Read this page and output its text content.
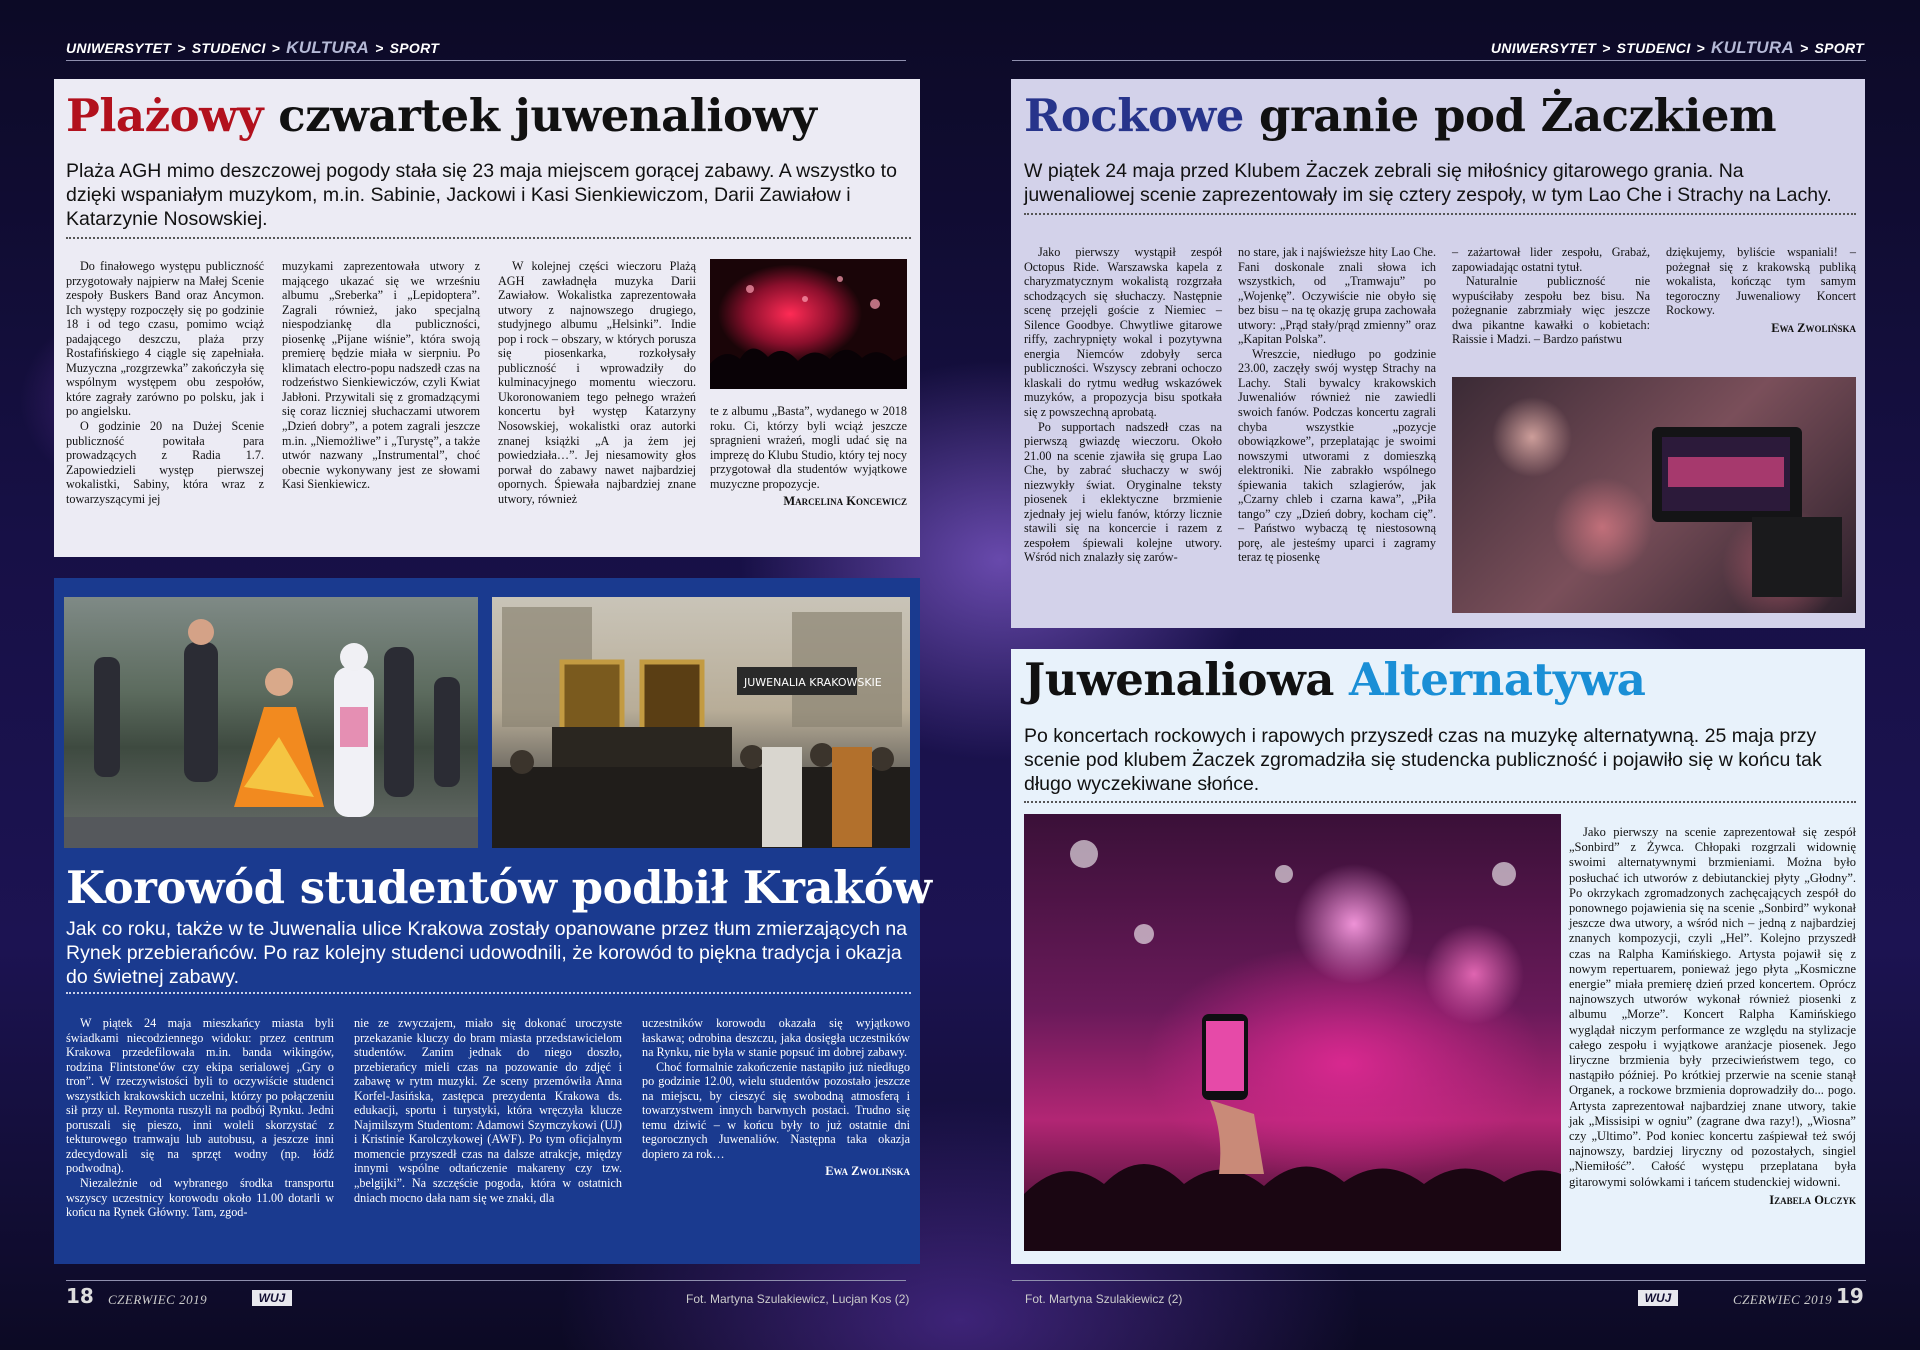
UNIWERSYTET > STUDENCI > KULTURA > SPORT	UNIWERSYTET > STUDENCI > KULTURA > SPORT
Plażowy czwartek juwenaliowy
Plaża AGH mimo deszczowej pogody stała się 23 maja miejscem gorącej zabawy. A wszystko to dzięki wspaniałym muzykom, m.in. Sabinie, Jackowi i Kasi Sienkiewiczom, Darii Zawiałow i Katarzynie Nosowskiej.

Do finałowego występu publiczność przygotowały najpierw na Małej Scenie zespoły Buskers Band oraz Ancymon. Ich występy rozpoczęły się po godzinie 18 i od tego czasu, pomimo wciąż padającego deszczu, plaża przy Rostafińskiego 4 ciągle się zapełniała. Muzyczna „rozgrzewka” zakończyła się wspólnym występem obu zespołów, które zagrały zarówno po polsku, jak i po angielsku.

O godzinie 20 na Dużej Scenie publiczność powitała para prowadzących z Radia 1.7. Zapowiedzieli występ pierwszej wokalistki, Sabiny, która wraz z towarzyszącymi jej

muzykami zaprezentowała utwory z mającego ukazać się we wrześniu albumu „Sreberka” i „Lepidoptera”. Zagrali również, jako specjalną niespodziankę dla publiczności, piosenkę „Pijane wiśnie”, która swoją premierę będzie miała w sierpniu. Po klimatach electro-popu nadszedł czas na rodzeństwo Sienkiewiczów, czyli Kwiat Jabłoni. Przywitali się z gromadzącymi się coraz liczniej słuchaczami utworem „Dzień dobry”, a potem zagrali jeszcze m.in. „Niemożliwe” i „Turystę”, a także utwór nazwany „Instrumental”, choć obecnie wykonywany jest ze słowami Kasi Sienkiewicz.

W kolejnej części wieczoru Plażą AGH zawładnęła muzyka Darii Zawiałow. Wokalistka zaprezentowała utwory z najnowszego drugiego, studyjnego albumu „Helsinki”. Indie pop i rock – obszary, w których porusza się piosenkarka, rozkołysały publiczność i wprowadziły do kulminacyjnego momentu wieczoru. Ukoronowaniem tego pełnego wrażeń koncertu był występ Katarzyny Nosowskiej, wokalistki oraz autorki znanej książki „A ja żem jej powiedziała…”. Jej niesamowity głos porwał do zabawy nawet najbardziej opornych. Śpiewała najbardziej znane utwory, również

te z albumu „Basta”, wydanego w 2018 roku. Ci, którzy byli wciąż jeszcze spragnieni wrażeń, mogli udać się na imprezę do Klubu Studio, który tej nocy przygotował dla studentów wyjątkowe muzyczne propozycje.

Marcelina Koncewicz
JUWENALIA KRAKOWSKIE
Korowód studentów podbił Kraków
Jak co roku, także w te Juwenalia ulice Krakowa zostały opanowane przez tłum zmierzających na Rynek przebierańców. Po raz kolejny studenci udowodnili, że korowód to piękna tradycja i okazja do świetnej zabawy.

W piątek 24 maja mieszkańcy miasta byli świadkami niecodziennego widoku: przez centrum Krakowa przedefilowała m.in. banda wikingów, rodzina Flintstone'ów czy ekipa serialowej „Gry o tron”. W rzeczywistości byli to oczywiście studenci wszystkich krakowskich uczelni, którzy po połączeniu sił przy ul. Reymonta ruszyli na podbój Rynku. Jedni poruszali się pieszo, inni woleli skorzystać z tekturowego tramwaju lub autobusu, a jeszcze inni zdecydowali się na sprzęt wodny (np. łódź podwodną).

Niezależnie od wybranego środka transportu wszyscy uczestnicy korowodu około 11.00 dotarli w końcu na Rynek Główny. Tam, zgod-

nie ze zwyczajem, miało się dokonać uroczyste przekazanie kluczy do bram miasta przedstawicielom studentów. Zanim jednak do niego doszło, przebierańcy mieli czas na pozowanie do zdjęć i zabawę w rytm muzyki. Ze sceny przemówiła Anna Korfel-Jasińska, zastępca prezydenta Krakowa ds. edukacji, sportu i turystyki, która wręczyła klucze Najmilszym Studentom: Adamowi Szymczykowi (UJ) i Kristinie Karolczykowej (AWF). Po tym oficjalnym momencie przyszedł czas na dalsze atrakcje, między innymi wspólne odtańczenie makareny czy tzw. „belgijki”. Na szczęście pogoda, która w ostatnich dniach mocno dała nam się we znaki, dla

uczestników korowodu okazała się wyjątkowo łaskawa; odrobina deszczu, jaka dosięgła uczestników na Rynku, nie była w stanie popsuć im dobrej zabawy.

Choć formalnie zakończenie nastąpiło już niedługo po godzinie 12.00, wielu studentów pozostało jeszcze na miejscu, by cieszyć się swobodną atmosferą i towarzystwem innych barwnych postaci. Trudno się temu dziwić – w końcu były to już ostatnie dni tegorocznych Juwenaliów. Następna taka okazja dopiero za rok…

Ewa Zwolińska
Rockowe granie pod Żaczkiem
W piątek 24 maja przed Klubem Żaczek zebrali się miłośnicy gitarowego grania. Na juwenaliowej scenie zaprezentowały im się cztery zespoły, w tym Lao Che i Strachy na Lachy.

Jako pierwszy wystąpił zespół Octopus Ride. Warszawska kapela z charyzmatycznym wokalistą rozgrzała schodzących się słuchaczy. Następnie scenę przejęli goście z Niemiec – Silence Goodbye. Chwytliwe gitarowe riffy, zachrypnięty wokal i pozytywna energia Niemców zdobyły serca publiczności. Wszyscy zebrani ochoczo klaskali do rytmu według wskazówek muzyków, a propozycja bisu spotkała się z powszechną aprobatą.

Po supportach nadszedł czas na pierwszą gwiazdę wieczoru. Około 21.00 na scenie zjawiła się grupa Lao Che, by zabrać słuchaczy w swój niezwykły świat. Oryginalne teksty piosenek i eklektyczne brzmienie zjednały jej wielu fanów, którzy licznie stawili się na koncercie i razem z zespołem śpiewali kolejne utwory. Wśród nich znalazły się zarów-

no stare, jak i najświeższe hity Lao Che. Fani doskonale znali słowa ich wszystkich, od „Tramwaju” po „Wojenkę”. Oczywiście nie obyło się bez bisu – na tę okazję grupa zachowała utwory: „Prąd stały/prąd zmienny” oraz „Kapitan Polska”.

Wreszcie, niedługo po godzinie 23.00, zaczęły swój występ Strachy na Lachy. Stali bywalcy krakowskich Juwenaliów również nie zawiedli swoich fanów. Podczas koncertu zagrali chyba wszystkie „pozycje obowiązkowe”, przeplatając je swoimi nowszymi utworami z domieszką elektroniki. Nie zabrakło wspólnego śpiewania takich szlagierów, jak „Czarny chleb i czarna kawa”, „Piła tango” czy „Dzień dobry, kocham cię”. – Państwo wybaczą tę niestosowną porę, ale jesteśmy uparci i zagramy teraz tę piosenkę

– zażartował lider zespołu, Grabaż, zapowiadając ostatni tytuł.

Naturalnie publiczność nie wypuściłaby zespołu bez bisu. Na pożegnanie zabrzmiały więc jeszcze dwa pikantne kawałki o kobietach: Raissie i Madzi. – Bardzo państwu

dziękujemy, byliście wspaniali! – pożegnał się z krakowską publiką wokalista, kończąc tym samym tegoroczny Juwenaliowy Koncert Rockowy.

Ewa Zwolińska
Juwenaliowa Alternatywa
Po koncertach rockowych i rapowych przyszedł czas na muzykę alternatywną. 25 maja przy scenie pod klubem Żaczek zgromadziła się studencka publiczność i pojawiło się w końcu tak długo wyczekiwane słońce.

Jako pierwszy na scenie zaprezentował się zespół „Sonbird” z Żywca. Chłopaki rozgrzali widownię swoimi alternatywnymi brzmieniami. Można było posłuchać ich utworów z debiutanckiej płyty „Głodny”. Po okrzykach zgromadzonych zachęcających zespół do ponownego pojawienia się na scenie „Sonbird” wykonał jeszcze dwa utwory, a wśród nich – jedną z najbardziej znanych kompozycji, czyli „Hel”. Kolejno przyszedł czas na Ralpha Kamińskiego. Artysta pojawił się z nowym repertuarem, ponieważ jego płyta „Kosmiczne energie” miała premierę dzień przed koncertem. Oprócz najnowszych utworów wykonał również piosenki z albumu „Morze”. Koncert Ralpha Kamińskiego wyglądał niczym performance ze względu na stylizacje całego zespołu i wyjątkowe aranżacje piosenek. Jego liryczne brzmienia były przeciwieństwem tego, co nastąpiło później. Po krótkiej przerwie na scenie stanął Organek, a rockowe brzmienia doprowadziły do... pogo. Artysta zaprezentował najbardziej znane utwory, takie jak „Missisipi w ogniu” (zagrane dwa razy!), „Wiosna” czy „Ultimo”. Pod koniec koncertu zaśpiewał też swój najnowszy, bardziej liryczny od pozostałych, singiel „Niemiłość”. Całość występu przeplatana była gitarowymi solówkami i tańcem studenckiej widowni.

Izabela Olczyk
18 CZERWIEC 2019	WUJ	Fot. Martyna Szulakiewicz, Lucjan Kos (2)	Fot. Martyna Szulakiewicz (2)	WUJ	CZERWIEC 2019 19
